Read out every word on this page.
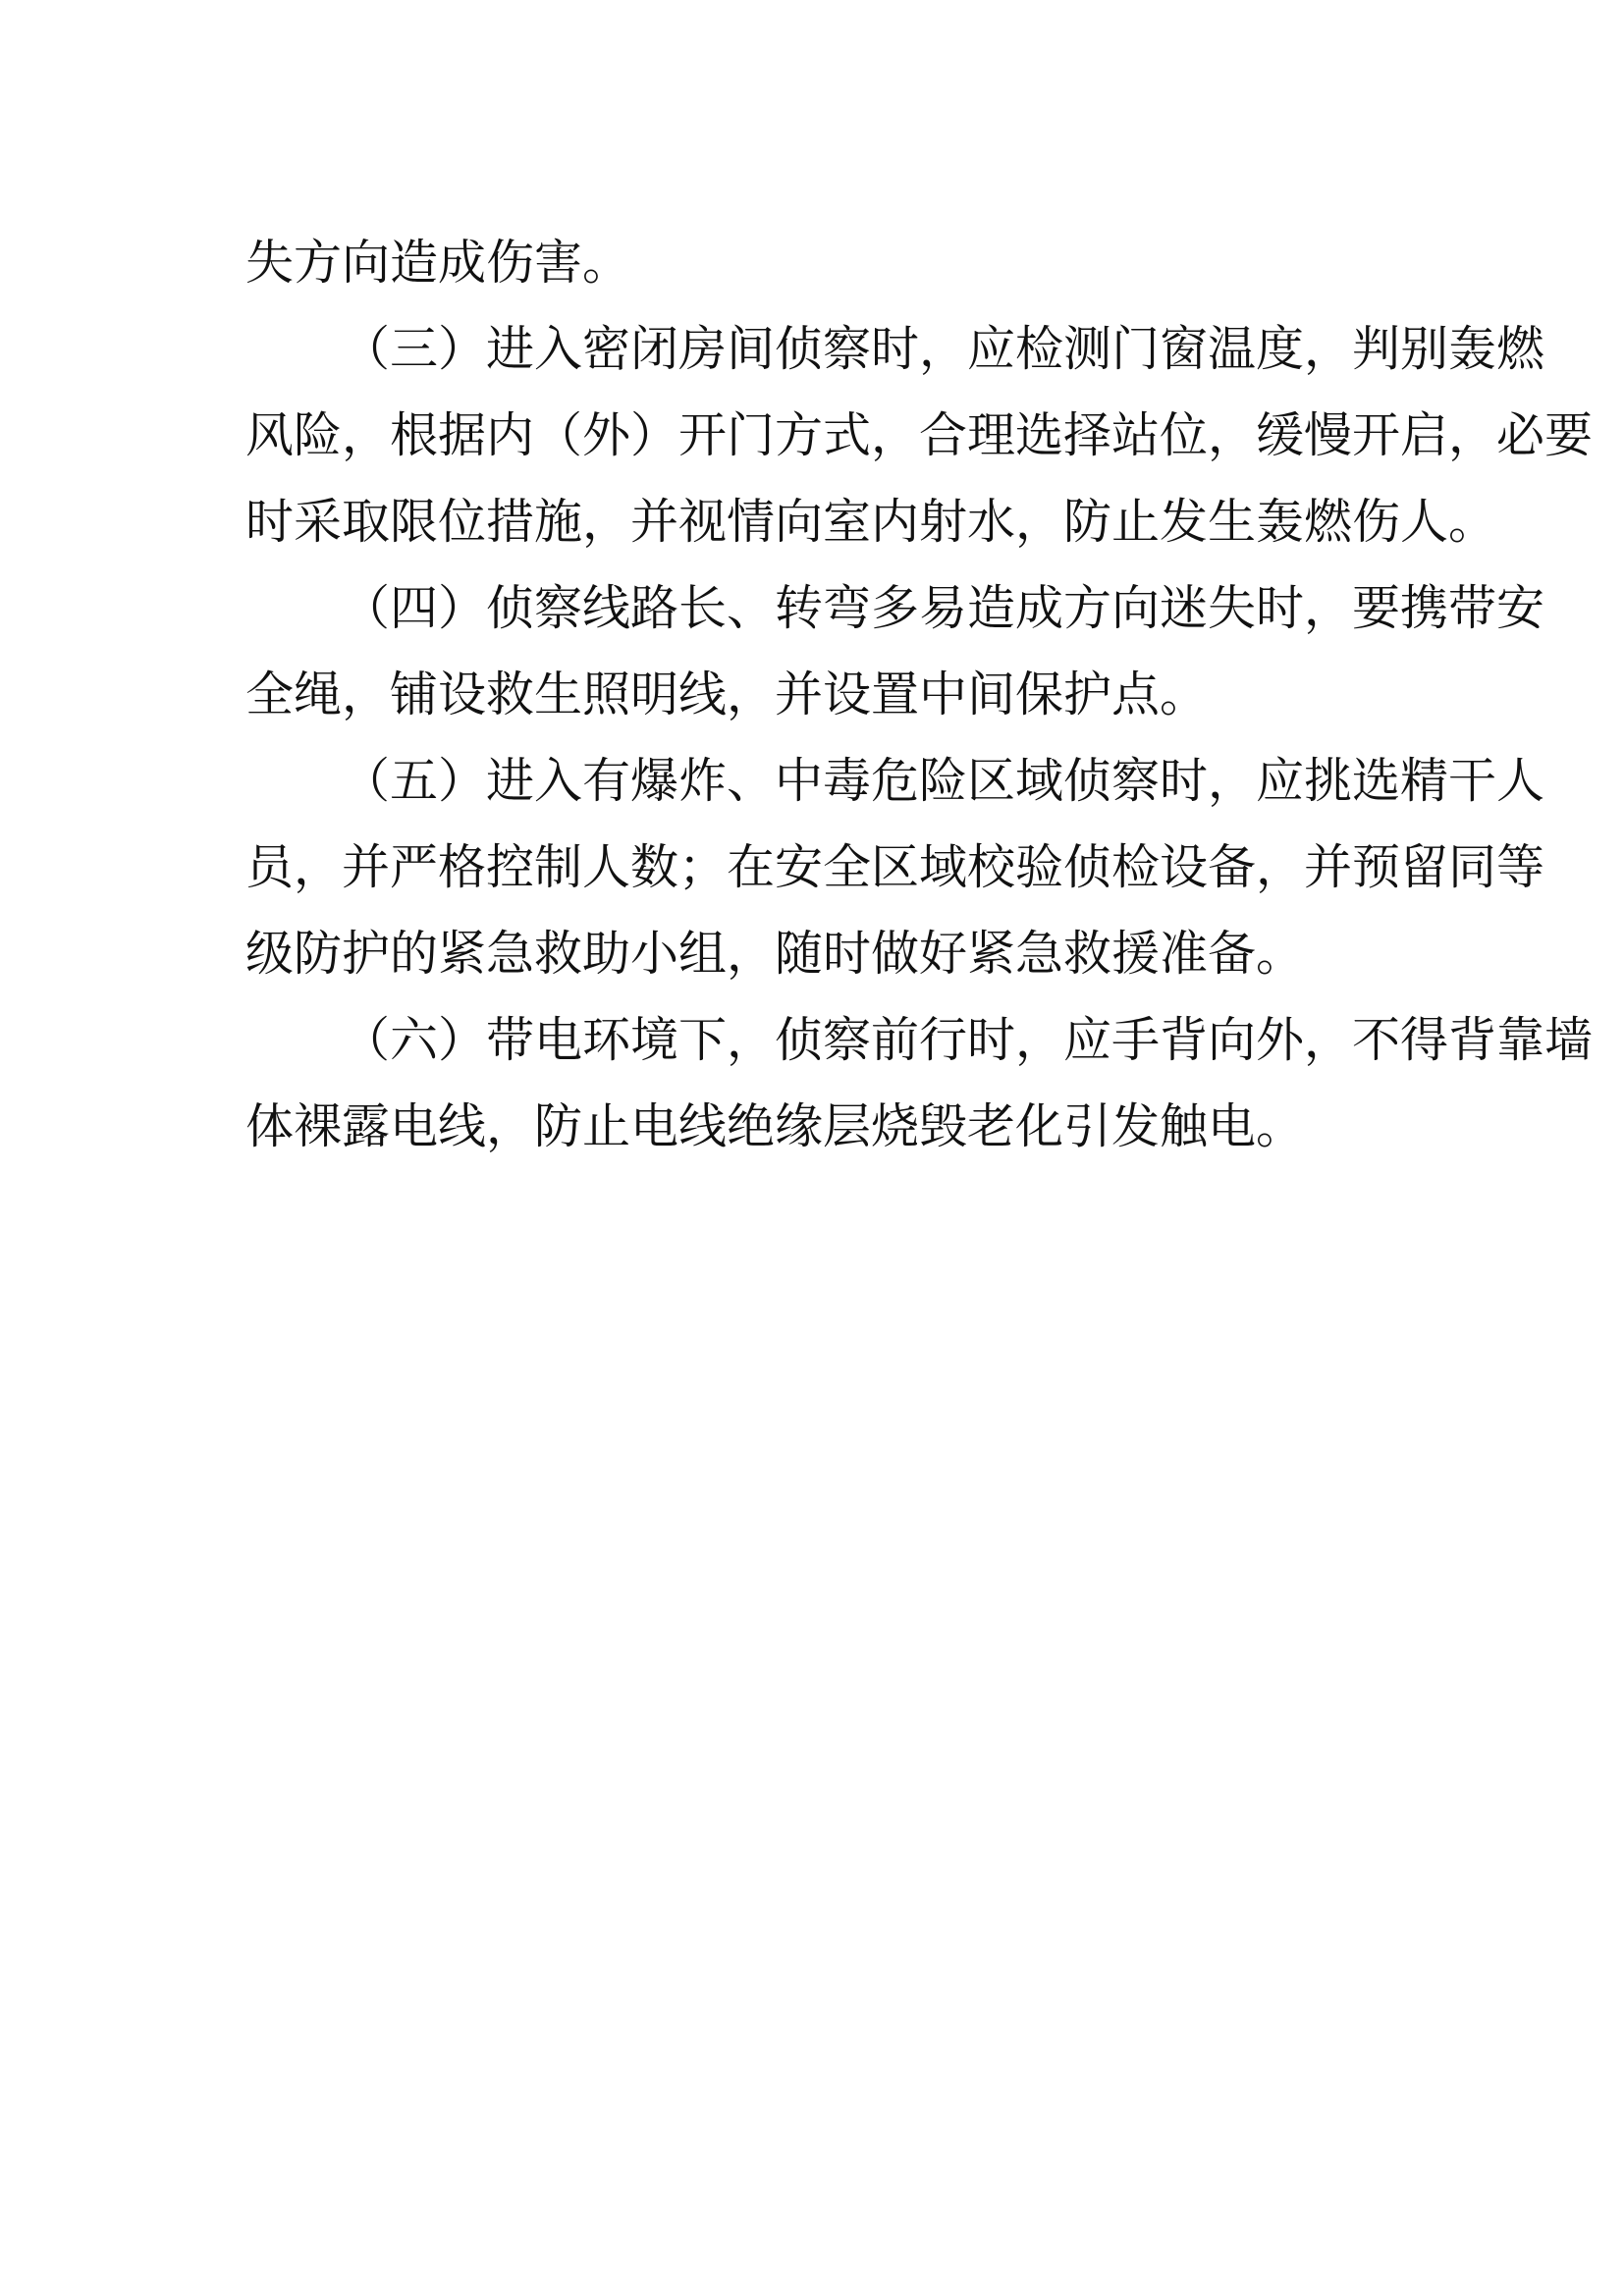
失方向造成伤害。
（三）进入密闭房间侦察时，应检测门窗温度，判别轰燃
风险，根据内（外）开门方式，合理选择站位，缓慢开启，必要
时采取限位措施，并视情向室内射水，防止发生轰燃伤人。
（四）侦察线路长、转弯多易造成方向迷失时，要携带安
全绳，铺设救生照明线，并设置中间保护点。
（五）进入有爆炸、中毒危险区域侦察时，应挑选精干人
员，并严格控制人数；在安全区域校验侦检设备，并预留同等
级防护的紧急救助小组，随时做好紧急救援准备。
（六）带电环境下，侦察前行时，应手背向外，不得背靠墙
体裸露电线，防止电线绝缘层烧毁老化引发触电。
